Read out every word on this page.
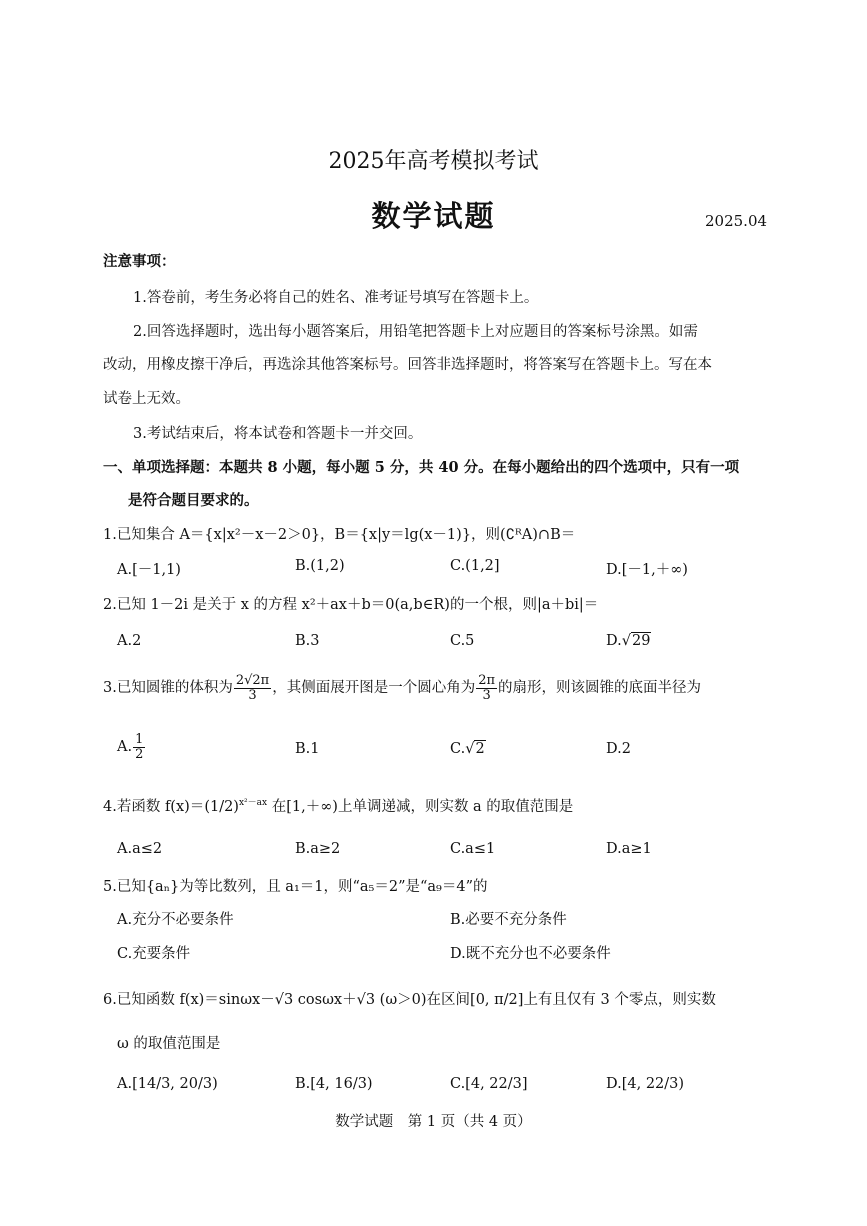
2025年高考模拟考试
数学试题	2025.04
注意事项：
1.答卷前，考生务必将自己的姓名、准考证号填写在答题卡上。
2.回答选择题时，选出每小题答案后，用铅笔把答题卡上对应题目的答案标号涂黑。如需
改动，用橡皮擦干净后，再选涂其他答案标号。回答非选择题时，将答案写在答题卡上。写在本
试卷上无效。
3.考试结束后，将本试卷和答题卡一并交回。
一、单项选择题：本题共 8 小题，每小题 5 分，共 40 分。在每小题给出的四个选项中，只有一项
是符合题目要求的。
1.已知集合 A＝{x|x²－x－2＞0}，B＝{x|y＝lg(x－1)}，则(∁ᴿA)∩B＝
A.[－1,1)	B.(1,2)	C.(1,2]	D.[－1,＋∞)
2.已知 1－2i 是关于 x 的方程 x²＋ax＋b＝0(a,b∈R)的一个根，则|a＋bi|＝
A.2	B.3	C.5	D.√29
3.已知圆锥的体积为 $\frac{2√2\pi}{3}$ ，其侧面展开图是一个圆心角为 $\frac{2\pi}{3}$ 的扇形，则该圆锥的底面半径为
A. $\frac{1}{2}$	B.1	C.√2	D.2
4.若函数 $f(x)=(1/2)^{x^2-ax}$ 在[1,＋∞)上单调递减，则实数 a 的取值范围是
A.a≤2	B.a≥2	C.a≤1	D.a≥1
5.已知{aₙ}为等比数列，且 a₁＝1，则“a₅＝2”是“a₉＝4”的
A.充分不必要条件	B.必要不充分条件
C.充要条件	D.既不充分也不必要条件
6.已知函数 f(x)＝sinωx－√3 cosωx＋√3 (ω＞0)在区间[0, π/2]上有且仅有 3 个零点，则实数
ω 的取值范围是
A.[14/3, 20/3)	B.[4, 16/3)	C.[4, 22/3]	D.[4, 22/3)
数学试题　第 1 页（共 4 页）
